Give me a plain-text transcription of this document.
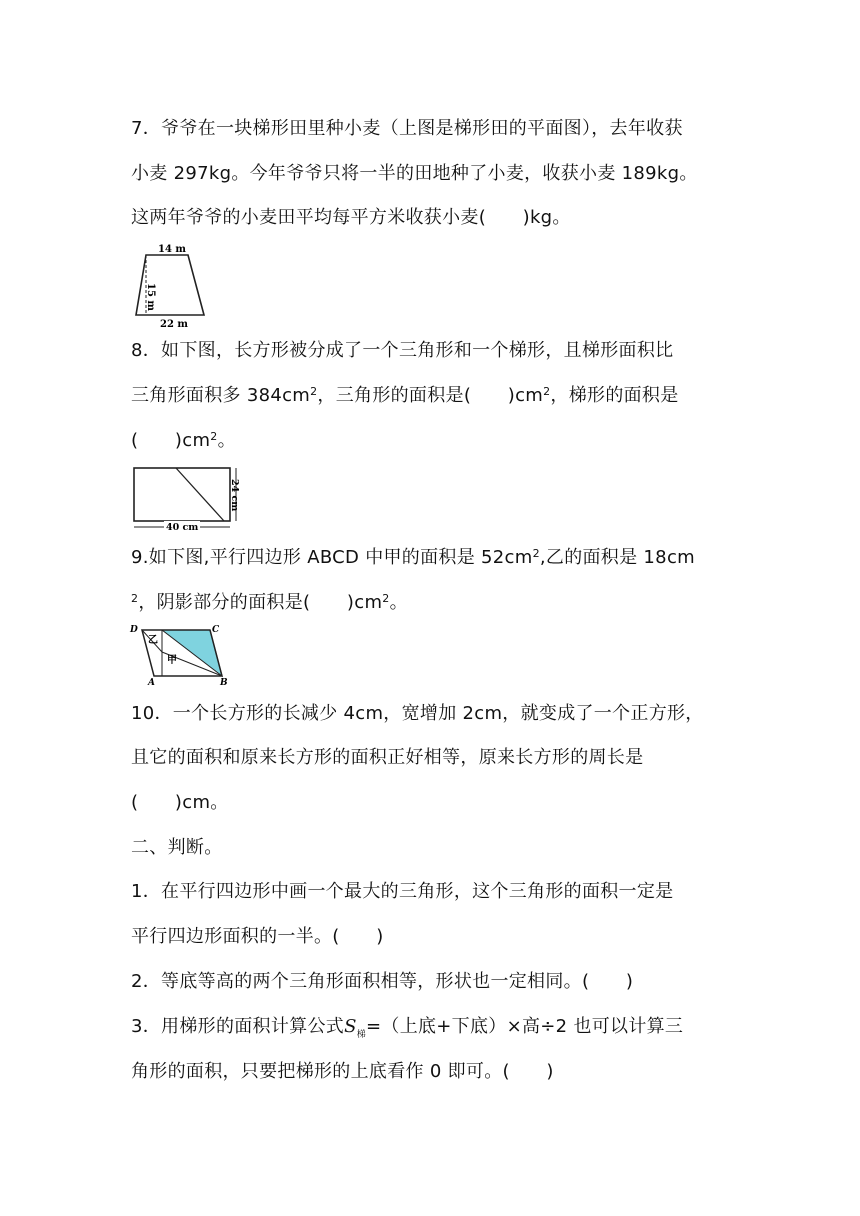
7．爷爷在一块梯形田里种小麦（上图是梯形田的平面图），去年收获
小麦 297kg。今年爷爷只将一半的田地种了小麦，收获小麦 189kg。
这两年爷爷的小麦田平均每平方米收获小麦(　　)kg。
14 m
15 m
22 m
8．如下图，长方形被分成了一个三角形和一个梯形，且梯形面积比
三角形面积多 $384cm^2$，三角形的面积是(　　)$cm^2$，梯形的面积是
(　　)$cm^2$。
40 cm
24 cm
9.如下图,平行四边形 ABCD 中甲的面积是 $52cm^2$,乙的面积是 18cm
$^2$，阴影部分的面积是(　　)$cm^2$。
D	C
A	B
乙
甲
10．一个长方形的长减少 4cm，宽增加 2cm，就变成了一个正方形，
且它的面积和原来长方形的面积正好相等，原来长方形的周长是
(　　)cm。
二、判断。
1．在平行四边形中画一个最大的三角形，这个三角形的面积一定是
平行四边形面积的一半。(　　)
2．等底等高的两个三角形面积相等，形状也一定相同。(　　)
3．用梯形的面积计算公式$S_梯=$（上底+下底）×高÷2 也可以计算三
角形的面积，只要把梯形的上底看作 0 即可。(　　)
